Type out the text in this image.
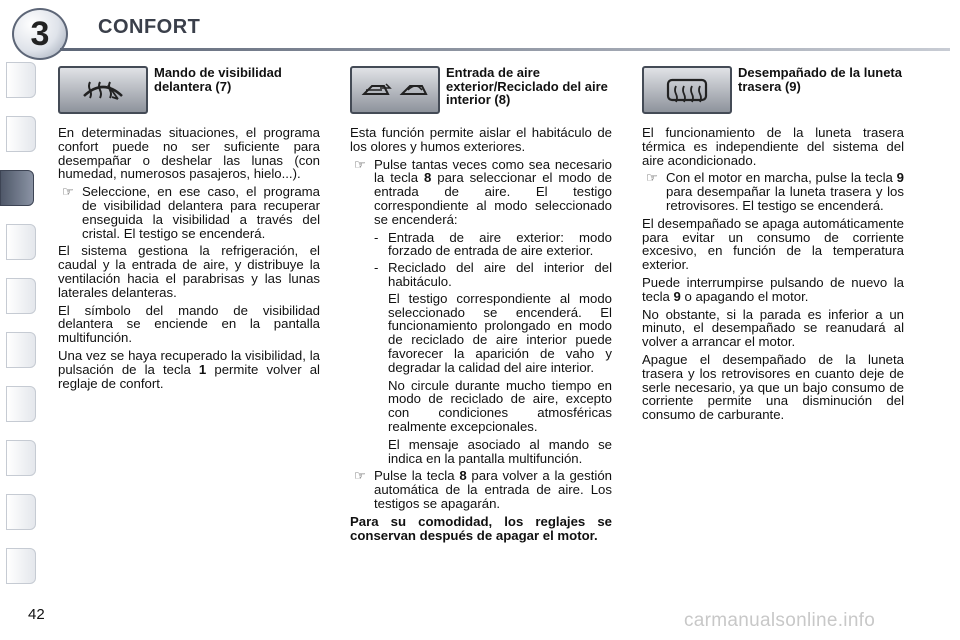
3	CONFORT
Mando de visibilidad delantera (7)

En determinadas situaciones, el programa confort puede no ser suficiente para desempañar o deshelar las lunas (con humedad, numerosos pasajeros, hielo...).

☞ Seleccione, en ese caso, el programa de visibilidad delantera para recuperar enseguida la visibilidad a través del cristal. El testigo se encenderá.

El sistema gestiona la refrigeración, el caudal y la entrada de aire, y distribuye la ventilación hacia el parabrisas y las lunas laterales delanteras.

El símbolo del mando de visibilidad delantera se enciende en la pantalla multifunción.

Una vez se haya recuperado la visibilidad, la pulsación de la tecla 1 permite volver al reglaje de confort.

Entrada de aire exterior/Reciclado del aire interior (8)

Esta función permite aislar el habitáculo de los olores y humos exteriores.

☞ Pulse tantas veces como sea necesario la tecla 8 para seleccionar el modo de entrada de aire. El testigo correspondiente al modo seleccionado se encenderá:
- Entrada de aire exterior: modo forzado de entrada de aire exterior.
- Reciclado del aire del interior del habitáculo.

El testigo correspondiente al modo seleccionado se encenderá. El funcionamiento prolongado en modo de reciclado de aire interior puede favorecer la aparición de vaho y degradar la calidad del aire interior.

No circule durante mucho tiempo en modo de reciclado de aire, excepto con condiciones atmosféricas realmente excepcionales.

El mensaje asociado al mando se indica en la pantalla multifunción.

☞ Pulse la tecla 8 para volver a la gestión automática de la entrada de aire. Los testigos se apagarán.

Para su comodidad, los reglajes se conservan después de apagar el motor.

Desempañado de la luneta trasera (9)

El funcionamiento de la luneta trasera térmica es independiente del sistema del aire acondicionado.

☞ Con el motor en marcha, pulse la tecla 9 para desempañar la luneta trasera y los retrovisores. El testigo se encenderá.

El desempañado se apaga automáticamente para evitar un consumo de corriente excesivo, en función de la temperatura exterior.

Puede interrumpirse pulsando de nuevo la tecla 9 o apagando el motor.

No obstante, si la parada es inferior a un minuto, el desempañado se reanudará al volver a arrancar el motor.

Apague el desempañado de la luneta trasera y los retrovisores en cuanto deje de serle necesario, ya que un bajo consumo de corriente permite una disminución del consumo de carburante.

42	carmanualsonline.info
